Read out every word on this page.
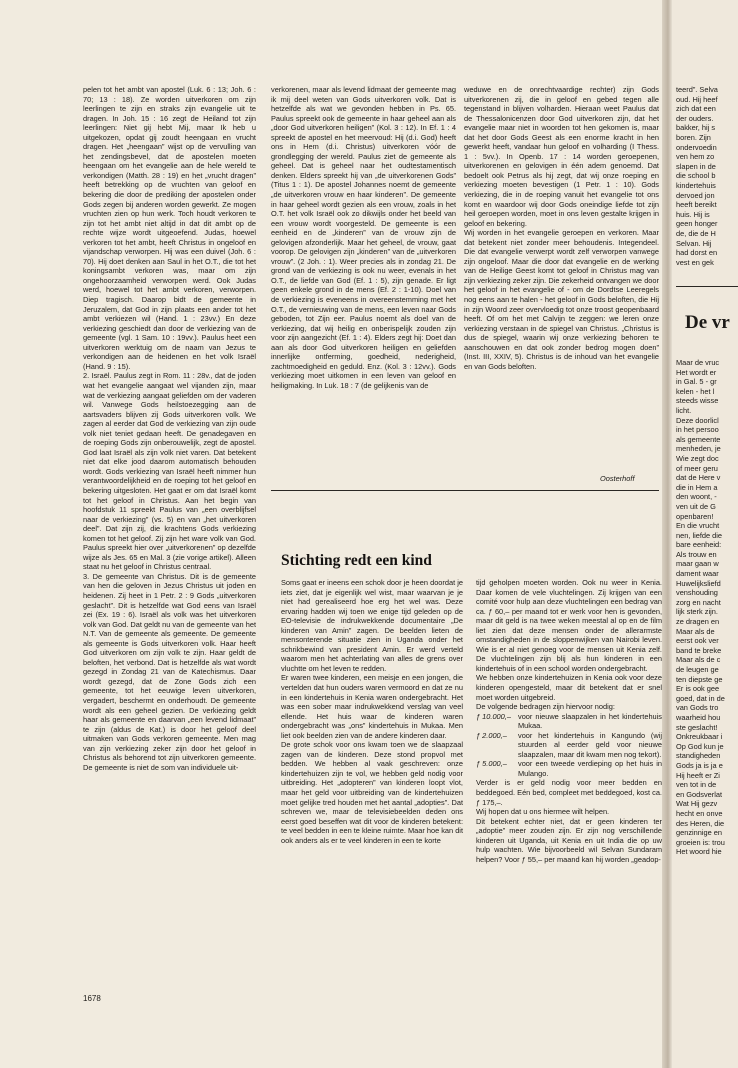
pelen tot het ambt van apostel (Luk. 6 : 13; Joh. 6 : 70; 13 : 18). Ze worden uitverkoren om zijn leerlingen te zijn en straks zijn evangelie uit te dragen. In Joh. 15 : 16 zegt de Heiland tot zijn leerlingen: Niet gij hebt Mij, maar Ik heb u uitgekozen, opdat gij zoudt heengaan en vrucht dragen. Het „heengaan” wijst op de vervulling van het zendingsbevel, dat de apostelen moeten heengaan om het evangelie aan de hele wereld te verkondigen (Matth. 28 : 19) en het „vrucht dragen” heeft betrekking op de vruchten van geloof en bekering die door de prediking der apostelen onder Gods zegen bij anderen worden gewerkt. Ze mogen vruchten zien op hun werk. Toch houdt verkoren te zijn tot het ambt niet altijd in dat dit ambt op de rechte wijze wordt uitgeoefend. Judas, hoewel verkoren tot het ambt, heeft Christus in ongeloof en vijandschap verworpen. Hij was een duivel (Joh. 6 : 70). Hij doet denken aan Saul in het O.T., die tot het koningsambt verkoren was, maar om zijn ongehoorzaamheid verworpen werd. Ook Judas werd, hoewel tot het ambt verkoren, verworpen. Diep tragisch. Daarop bidt de gemeente in Jeruzalem, dat God in zijn plaats een ander tot het ambt verkiezen wil (Hand. 1 : 23vv.) En deze verkiezing geschiedt dan door de verkiezing van de gemeente (vgl. 1 Sam. 10 : 19vv.). Paulus heet een uitverkoren werktuig om de naam van Jezus te verkondigen aan de heidenen en het volk Israël (Hand. 9 : 15).
2. Israël. Paulus zegt in Rom. 11 : 28v., dat de joden wat het evangelie aangaat wel vijanden zijn, maar wat de verkiezing aangaat geliefden om der vaderen wil. Vanwege Gods heilstoezegging aan de aartsvaders blijven zij Gods uitverkoren volk. We zagen al eerder dat God de verkiezing van zijn oude volk niet teniet gedaan heeft. De genadegaven en de roeping Gods zijn onberouwelijk, zegt de apostel. God laat Israël als zijn volk niet varen. Dat betekent niet dat elke jood daarom automatisch behouden wordt. Gods verkiezing van Israël heeft nimmer hun verantwoordelijkheid en de roeping tot het geloof en bekering uitgesloten. Het gaat er om dat Israël komt tot het geloof in Christus. Aan het begin van hoofdstuk 11 spreekt Paulus van „een overblijfsel naar de verkiezing” (vs. 5) en van „het uitverkoren deel”. Dat zijn zij, die krachtens Gods verkiezing komen tot het geloof. Zij zijn het ware volk van God. Paulus spreekt hier over „uitverkorenen” op dezelfde wijze als Jes. 65 en Mal. 3 (zie vorige artikel). Alleen staat nu het geloof in Christus centraal.
3. De gemeente van Christus. Dit is de gemeente van hen die geloven in Jezus Christus uit joden en heidenen. Zij heet in 1 Petr. 2 : 9 Gods „uitverkoren geslacht”. Dit is hetzelfde wat God eens van Israël zei (Ex. 19 : 6). Israël als volk was het uitverkoren volk van God. Dat geldt nu van de gemeente van het N.T. Van de gemeente als gemeente. De gemeente als gemeente is Gods uitverkoren volk. Haar heeft God uitverkoren om zijn volk te zijn. Haar geldt de beloften, het verbond. Dat is hetzelfde als wat wordt gezegd in Zondag 21 van de Katechismus. Daar wordt gezegd, dat de Zone Gods zich een gemeente, tot het eeuwige leven uitverkoren, vergadert, beschermt en onderhoudt. De gemeente wordt als een geheel gezien. De verkiezing geldt haar als gemeente en daarvan „een levend lidmaat” te zijn (aldus de Kat.) is door het geloof deel uitmaken van Gods verkoren gemeente. Men mag van zijn verkiezing zeker zijn door het geloof in Christus als behorend tot zijn uitverkoren gemeente. De gemeente is niet de som van individuele uit-

verkorenen, maar als levend lidmaat der gemeente mag ik mij deel weten van Gods uitverkoren volk. Dat is hetzelfde als wat we gevonden hebben in Ps. 65. Paulus spreekt ook de gemeente in haar geheel aan als „door God uitverkoren heiligen” (Kol. 3 : 12). In Ef. 1 : 4 spreekt de apostel en het meervoud: Hij (d.i. God) heeft ons in Hem (d.i. Christus) uitverkoren vóór de grondlegging der wereld. Paulus ziet de gemeente als geheel. Dat is geheel naar het oudtestamentisch denken. Elders spreekt hij van „de uitverkorenen Gods” (Titus 1 : 1). De apostel Johannes noemt de gemeente „de uitverkoren vrouw en haar kinderen”. De gemeente in haar geheel wordt gezien als een vrouw, zoals in het O.T. het volk Israël ook zo dikwijls onder het beeld van een vrouw wordt voorgesteld. De gemeente is een eenheid en de „kinderen” van de vrouw zijn de gelovigen afzonderlijk. Maar het geheel, de vrouw, gaat voorop. De gelovigen zijn „kinderen” van de „uitverkoren vrouw”. (2 Joh. : 1). Weer precies als in zondag 21. De grond van de verkiezing is ook nu weer, evenals in het O.T., de liefde van God (Ef. 1 : 5), zijn genade. Er ligt geen enkele grond in de mens (Ef. 2 : 1-10). Doel van de verkiezing is eveneens in overeenstemming met het O.T., de vernieuwing van de mens, een leven naar Gods geboden, tot Zijn eer. Paulus noemt als doel van de verkiezing, dat wij heilig en onberispelijk zouden zijn voor zijn aangezicht (Ef. 1 : 4). Elders zegt hij: Doet dan aan als door God uitverkoren heiligen en geliefden innerlijke ontferming, goedheid, nederigheid, zachtmoedigheid en geduld. Enz. (Kol. 3 : 12vv.). Gods verkiezing moet uitkomen in een leven van geloof en heiligmaking. In Luk. 18 : 7 (de gelijkenis van de

weduwe en de onrechtvaardige rechter) zijn Gods uitverkorenen zij, die in geloof en gebed tegen alle tegenstand in blijven volharden. Hieraan weet Paulus dat de Thessalonicenzen door God uitverkoren zijn, dat het evangelie maar niet in woorden tot hen gekomen is, maar dat het door Gods Geest als een enorme kracht in hen gewerkt heeft, vandaar hun geloof en volharding (I Thess. 1 : 5vv.). In Openb. 17 : 14 worden geroepenen, uitverkorenen en gelovigen in één adem genoemd. Dat bedoelt ook Petrus als hij zegt, dat wij onze roeping en verkiezing moeten bevestigen (1 Petr. 1 : 10). Gods verkiezing, die in de roeping vanuit het evangelie tot ons komt en waardoor wij door Gods oneindige liefde tot zijn heil geroepen worden, moet in ons leven gestalte krijgen in geloof en bekering.
Wij worden in het evangelie geroepen en verkoren. Maar dat betekent niet zonder meer behoudenis. Integendeel. Die dat evangelie verwerpt wordt zelf verworpen vanwege zijn ongeloof. Maar die door dat evangelie en de werking van de Heilige Geest komt tot geloof in Christus mag van zijn verkiezing zeker zijn. Die zekerheid ontvangen we door het geloof in het evangelie of - om de Dordtse Leeregels nog eens aan te halen - het geloof in Gods beloften, die Hij in zijn Woord zeer overvloedig tot onze troost geopenbaard heeft. Of om het met Calvijn te zeggen: we leren onze verkiezing verstaan in de spiegel van Christus. „Christus is dus de spiegel, waarin wij onze verkiezing behoren te aanschouwen en dat ook zonder bedrog mogen doen” (Inst. III, XXIV, 5). Christus is de inhoud van het evangelie en van Gods beloften.

Oosterhoff
Stichting redt een kind

Soms gaat er ineens een schok door je heen doordat je iets ziet, dat je eigenlijk wel wist, maar waarvan je je niet had gerealiseerd hoe erg het wel was. Deze ervaring hadden wij toen we enige tijd geleden op de EO-televisie de indrukwekkende documentaire „De kinderen van Amin” zagen. De beelden lieten de mensonterende situatie zien in Uganda onder het schrikbewind van president Amin. Er werd verteld waarom men het achterlating van alles de grens over vluchtte om het leven te redden.
Er waren twee kinderen, een meisje en een jongen, die vertelden dat hun ouders waren vermoord en dat ze nu in een kindertehuis in Kenia waren ondergebracht. Het was een sober maar indrukwekkend verslag van veel ellende. Het huis waar de kinderen waren ondergebracht was „ons” kindertehuis in Mukaa. Men liet ook beelden zien van de andere kinderen daar.
De grote schok voor ons kwam toen we de slaapzaal zagen van de kinderen. Deze stond propvol met bedden. We hebben al vaak geschreven: onze kindertehuizen zijn te vol, we hebben geld nodig voor uitbreiding. Het „adopteren” van kinderen loopt vlot, maar het geld voor uitbreiding van de kindertehuizen moet gelijke tred houden met het aantal „adopties”. Dat schreven we, maar de televisiebeelden deden ons eerst goed beseffen wat dit voor de kinderen betekent: te veel bedden in een te kleine ruimte. Maar hoe kan dit ook anders als er te veel kinderen in een te korte

tijd geholpen moeten worden. Ook nu weer in Kenia. Daar komen de vele vluchtelingen. Zij krijgen van een comité voor hulp aan deze vluchtelingen een bedrag van ca. ƒ 60,– per maand tot er werk voor hen is gevonden, maar dit geld is na twee weken meestal al op en de film liet zien dat deze mensen onder de allerarmste omstandigheden in de sloppenwijken van Nairobi leven. Wie is er al niet genoeg voor de mensen uit Kenia zelf. De vluchtelingen zijn blij als hun kinderen in een kindertehuis of in een school worden ondergebracht.
We hebben onze kindertehuizen in Kenia ook voor deze kinderen opengesteld, maar dit betekent dat er snel moet worden uitgebreid.
De volgende bedragen zijn hiervoor nodig:

ƒ 10.000,– voor nieuwe slaapzalen in het kindertehuis Mukaa.
ƒ 2.000,–	voor het kindertehuis in Kangundo (wij stuurden al eerder geld voor nieuwe slaapzalen, maar dit kwam men nog tekort).
ƒ 5.000,–	voor een tweede verdieping op het huis in Mulango.

Verder is er geld nodig voor meer bedden en beddegoed. Eén bed, compleet met beddegoed, kost ca. ƒ 175,–.
Wij hopen dat u ons hiermee wilt helpen.
Dit betekent echter niet, dat er geen kinderen ter „adoptie” meer zouden zijn. Er zijn nog verschillende kinderen uit Uganda, uit Kenia en uit India die op uw hulp wachten. Wie bijvoorbeeld wil Selvan Sundaram helpen? Voor ƒ 55,– per maand kan hij worden „geadop-

1678
teerd”. Selva
oud. Hij heef
zich dat een
der ouders.
bakker, hij s
boren. Zijn
ondervoedin
ven hem zo
slapen in de
die school b
kindertehuis
dervoed jon
heeft bereikt
huis. Hij is
geen honger
de, die de H
Selvan. Hij
had dorst en
vest en gek
De vr
Maar de vruc
Het wordt er
in Gal. 5 - gr
kelen - het l
steeds wisse
licht.
Deze doorlicl
in het persoo
als gemeente
menheden, je
Wie zegt doc
of meer geru
dat de Here v
die in Hem a
den woont, -
ven uit de G
openbaren!
En die vrucht
nen, liefde die
bare eenheid:
Als trouw en
maar gaan w
dament waar
Huwelijksliefd
venshouding
zorg en nacht
lijk sterk zijn.
ze dragen en
Maar als de
eerst ook ver
band te breke
Maar als de c
de leugen ge
ten diepste ge
Er is ook gee
goed, dat in de
van Gods tro
waarheid hou
ste geslacht!
Onkreukbaar i
Op God kun je
standigheden
Gods ja is ja e
Hij heeft er Zi
ven tot in de
en Godsverlat
Wat Hij gezv
hecht en onve
des Heren, die
genzinnige en
groeien is: trou
Het woord hie
